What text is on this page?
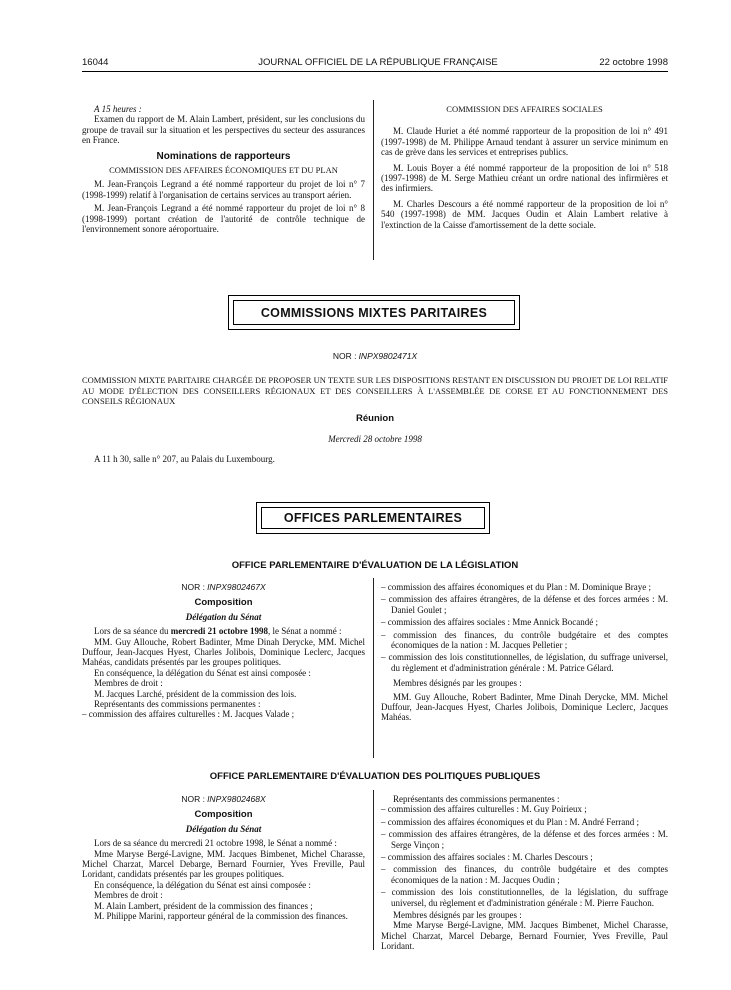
16044	JOURNAL OFFICIEL DE LA RÉPUBLIQUE FRANÇAISE	22 octobre 1998

A 15 heures :

Examen du rapport de M. Alain Lambert, président, sur les conclusions du groupe de travail sur la situation et les perspectives du secteur des assurances en France.

Nominations de rapporteurs

COMMISSION DES AFFAIRES ÉCONOMIQUES ET DU PLAN

M. Jean-François Legrand a été nommé rapporteur du projet de loi n° 7 (1998-1999) relatif à l'organisation de certains services au transport aérien.

M. Jean-François Legrand a été nommé rapporteur du projet de loi n° 8 (1998-1999) portant création de l'autorité de contrôle technique de l'environnement sonore aéroportuaire.

COMMISSION DES AFFAIRES SOCIALES

M. Claude Huriet a été nommé rapporteur de la proposition de loi n° 491 (1997-1998) de M. Philippe Arnaud tendant à assurer un service minimum en cas de grève dans les services et entreprises publics.

M. Louis Boyer a été nommé rapporteur de la proposition de loi n° 518 (1997-1998) de M. Serge Mathieu créant un ordre national des infirmières et des infirmiers.

M. Charles Descours a été nommé rapporteur de la proposition de loi n° 540 (1997-1998) de MM. Jacques Oudin et Alain Lambert relative à l'extinction de la Caisse d'amortissement de la dette sociale.

COMMISSIONS MIXTES PARITAIRES
NOR : INPX9802471X

COMMISSION MIXTE PARITAIRE CHARGÉE DE PROPOSER UN TEXTE SUR LES DISPOSITIONS RESTANT EN DISCUSSION DU PROJET DE LOI RELATIF AU MODE D'ÉLECTION DES CONSEILLERS RÉGIONAUX ET DES CONSEILLERS À L'ASSEMBLÉE DE CORSE ET AU FONCTIONNEMENT DES CONSEILS RÉGIONAUX

Réunion

Mercredi 28 octobre 1998

A 11 h 30, salle n° 207, au Palais du Luxembourg.

OFFICES PARLEMENTAIRES

OFFICE PARLEMENTAIRE D'ÉVALUATION DE LA LÉGISLATION

NOR : INPX9802467X

Composition

Délégation du Sénat

Lors de sa séance du mercredi 21 octobre 1998, le Sénat a nommé :

MM. Guy Allouche, Robert Badinter, Mme Dinah Derycke, MM. Michel Duffour, Jean-Jacques Hyest, Charles Jolibois, Dominique Leclerc, Jacques Mahéas, candidats présentés par les groupes politiques.

En conséquence, la délégation du Sénat est ainsi composée :

Membres de droit :

M. Jacques Larché, président de la commission des lois.

Représentants des commissions permanentes :

– commission des affaires culturelles : M. Jacques Valade ;
– commission des affaires économiques et du Plan : M. Dominique Braye ;
– commission des affaires étrangères, de la défense et des forces armées : M. Daniel Goulet ;
– commission des affaires sociales : Mme Annick Bocandé ;
– commission des finances, du contrôle budgétaire et des comptes économiques de la nation : M. Jacques Pelletier ;
– commission des lois constitutionnelles, de législation, du suffrage universel, du règlement et d'administration générale : M. Patrice Gélard.

Membres désignés par les groupes :

MM. Guy Allouche, Robert Badinter, Mme Dinah Derycke, MM. Michel Duffour, Jean-Jacques Hyest, Charles Jolibois, Dominique Leclerc, Jacques Mahéas.

OFFICE PARLEMENTAIRE D'ÉVALUATION DES POLITIQUES PUBLIQUES

NOR : INPX9802468X

Composition

Délégation du Sénat

Lors de sa séance du mercredi 21 octobre 1998, le Sénat a nommé :

Mme Maryse Bergé-Lavigne, MM. Jacques Bimbenet, Michel Charasse, Michel Charzat, Marcel Debarge, Bernard Fournier, Yves Freville, Paul Loridant, candidats présentés par les groupes politiques.

En conséquence, la délégation du Sénat est ainsi composée :

Membres de droit :

M. Alain Lambert, président de la commission des finances ;

M. Philippe Marini, rapporteur général de la commission des finances.

Représentants des commissions permanentes :

– commission des affaires culturelles : M. Guy Poirieux ;
– commission des affaires économiques et du Plan : M. André Ferrand ;
– commission des affaires étrangères, de la défense et des forces armées : M. Serge Vinçon ;
– commission des affaires sociales : M. Charles Descours ;
– commission des finances, du contrôle budgétaire et des comptes économiques de la nation : M. Jacques Oudin ;
– commission des lois constitutionnelles, de la législation, du suffrage universel, du règlement et d'administration générale : M. Pierre Fauchon.

Membres désignés par les groupes :

Mme Maryse Bergé-Lavigne, MM. Jacques Bimbenet, Michel Charasse, Michel Charzat, Marcel Debarge, Bernard Fournier, Yves Freville, Paul Loridant.
